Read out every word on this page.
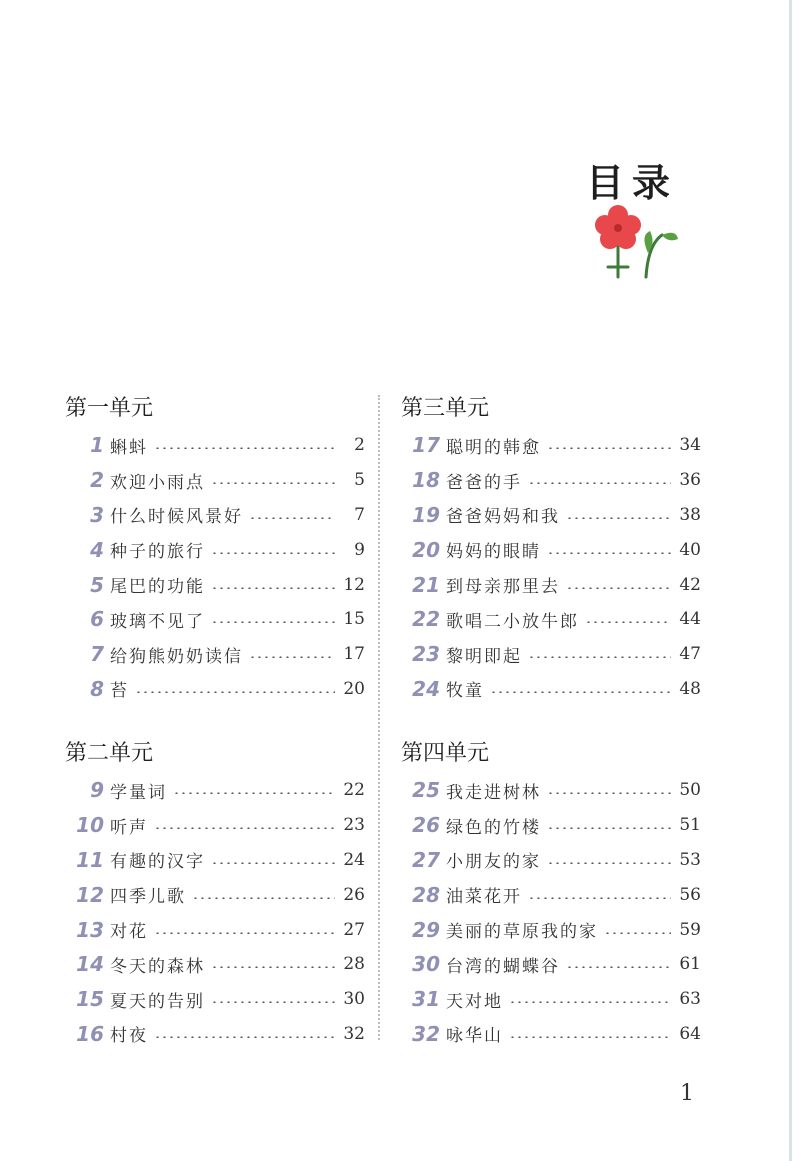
目录
第一单元
1 蝌蚪	2
2 欢迎小雨点	5
3 什么时候风景好	7
4 种子的旅行	9
5 尾巴的功能	12
6 玻璃不见了	15
7 给狗熊奶奶读信	17
8 苔	20
第二单元
9 学量词	22
10 听声	23
11 有趣的汉字	24
12 四季儿歌	26
13 对花	27
14 冬天的森林	28
15 夏天的告别	30
16 村夜	32
第三单元
17 聪明的韩愈	34
18 爸爸的手	36
19 爸爸妈妈和我	38
20 妈妈的眼睛	40
21 到母亲那里去	42
22 歌唱二小放牛郎	44
23 黎明即起	47
24 牧童	48
第四单元
25 我走进树林	50
26 绿色的竹楼	51
27 小朋友的家	53
28 油菜花开	56
29 美丽的草原我的家	59
30 台湾的蝴蝶谷	61
31 天对地	63
32 咏华山	64
1
